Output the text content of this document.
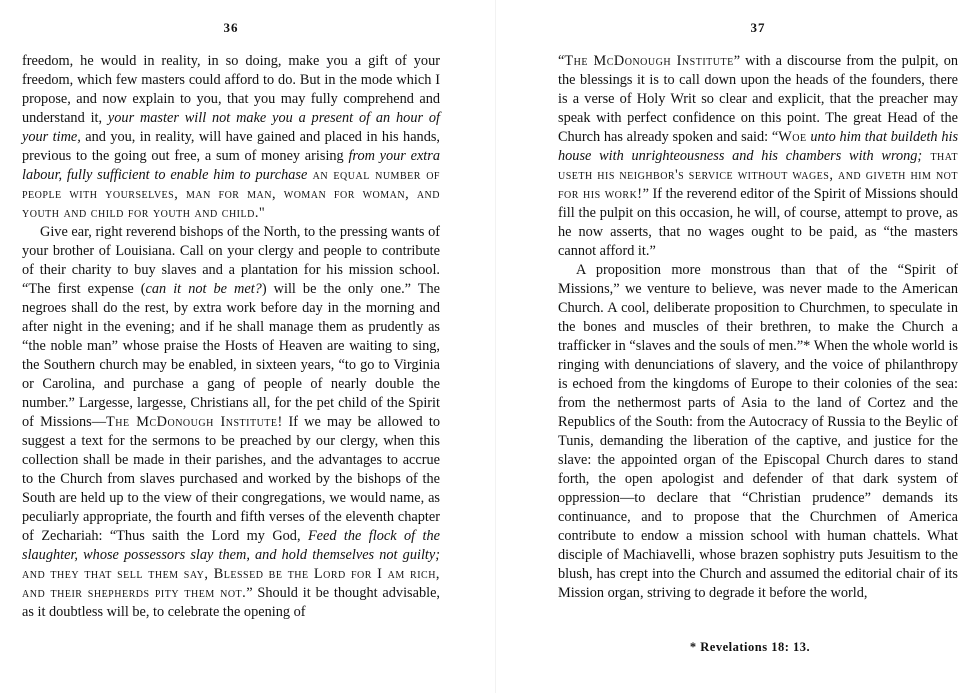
36

freedom, he would in reality, in so doing, make you a gift of your freedom, which few masters could afford to do. But in the mode which I propose, and now explain to you, that you may fully comprehend and understand it, your master will not make you a present of an hour of your time, and you, in reality, will have gained and placed in his hands, previous to the going out free, a sum of money arising from your extra labour, fully sufficient to enable him to purchase an equal number of people with yourselves, man for man, woman for woman, and youth and child for youth and child."

Give ear, right reverend bishops of the North, to the pressing wants of your brother of Louisiana. Call on your clergy and people to contribute of their charity to buy slaves and a plantation for his mission school. “The first expense (can it not be met?) will be the only one.” The negroes shall do the rest, by extra work before day in the morning and after night in the evening; and if he shall manage them as prudently as “the noble man” whose praise the Hosts of Heaven are waiting to sing, the Southern church may be enabled, in sixteen years, “to go to Virginia or Carolina, and purchase a gang of people of nearly double the number.” Largesse, largesse, Christians all, for the pet child of the Spirit of Missions—The McDonough Institute! If we may be allowed to suggest a text for the sermons to be preached by our clergy, when this collection shall be made in their parishes, and the advantages to accrue to the Church from slaves purchased and worked by the bishops of the South are held up to the view of their congregations, we would name, as peculiarly appropriate, the fourth and fifth verses of the eleventh chapter of Zechariah: “Thus saith the Lord my God, Feed the flock of the slaughter, whose possessors slay them, and hold themselves not guilty; and they that sell them say, Blessed be the Lord for I am rich, and their shepherds pity them not.” Should it be thought advisable, as it doubtless will be, to celebrate the opening of

37

“The McDonough Institute” with a discourse from the pulpit, on the blessings it is to call down upon the heads of the founders, there is a verse of Holy Writ so clear and explicit, that the preacher may speak with perfect confidence on this point. The great Head of the Church has already spoken and said: “Woe unto him that buildeth his house with unrighteousness and his chambers with wrong; that useth his neighbor's service without wages, and giveth him not for his work!” If the reverend editor of the Spirit of Missions should fill the pulpit on this occasion, he will, of course, attempt to prove, as he now asserts, that no wages ought to be paid, as “the masters cannot afford it.”

A proposition more monstrous than that of the “Spirit of Missions,” we venture to believe, was never made to the American Church. A cool, deliberate proposition to Churchmen, to speculate in the bones and muscles of their brethren, to make the Church a trafficker in “slaves and the souls of men.”* When the whole world is ringing with denunciations of slavery, and the voice of philanthropy is echoed from the kingdoms of Europe to their colonies of the sea: from the nethermost parts of Asia to the land of Cortez and the Republics of the South: from the Autocracy of Russia to the Beylic of Tunis, demanding the liberation of the captive, and justice for the slave: the appointed organ of the Episcopal Church dares to stand forth, the open apologist and defender of that dark system of oppression—to declare that “Christian prudence” demands its continuance, and to propose that the Churchmen of America contribute to endow a mission school with human chattels. What disciple of Machiavelli, whose brazen sophistry puts Jesuitism to the blush, has crept into the Church and assumed the editorial chair of its Mission organ, striving to degrade it before the world,

* Revelations 18: 13.
